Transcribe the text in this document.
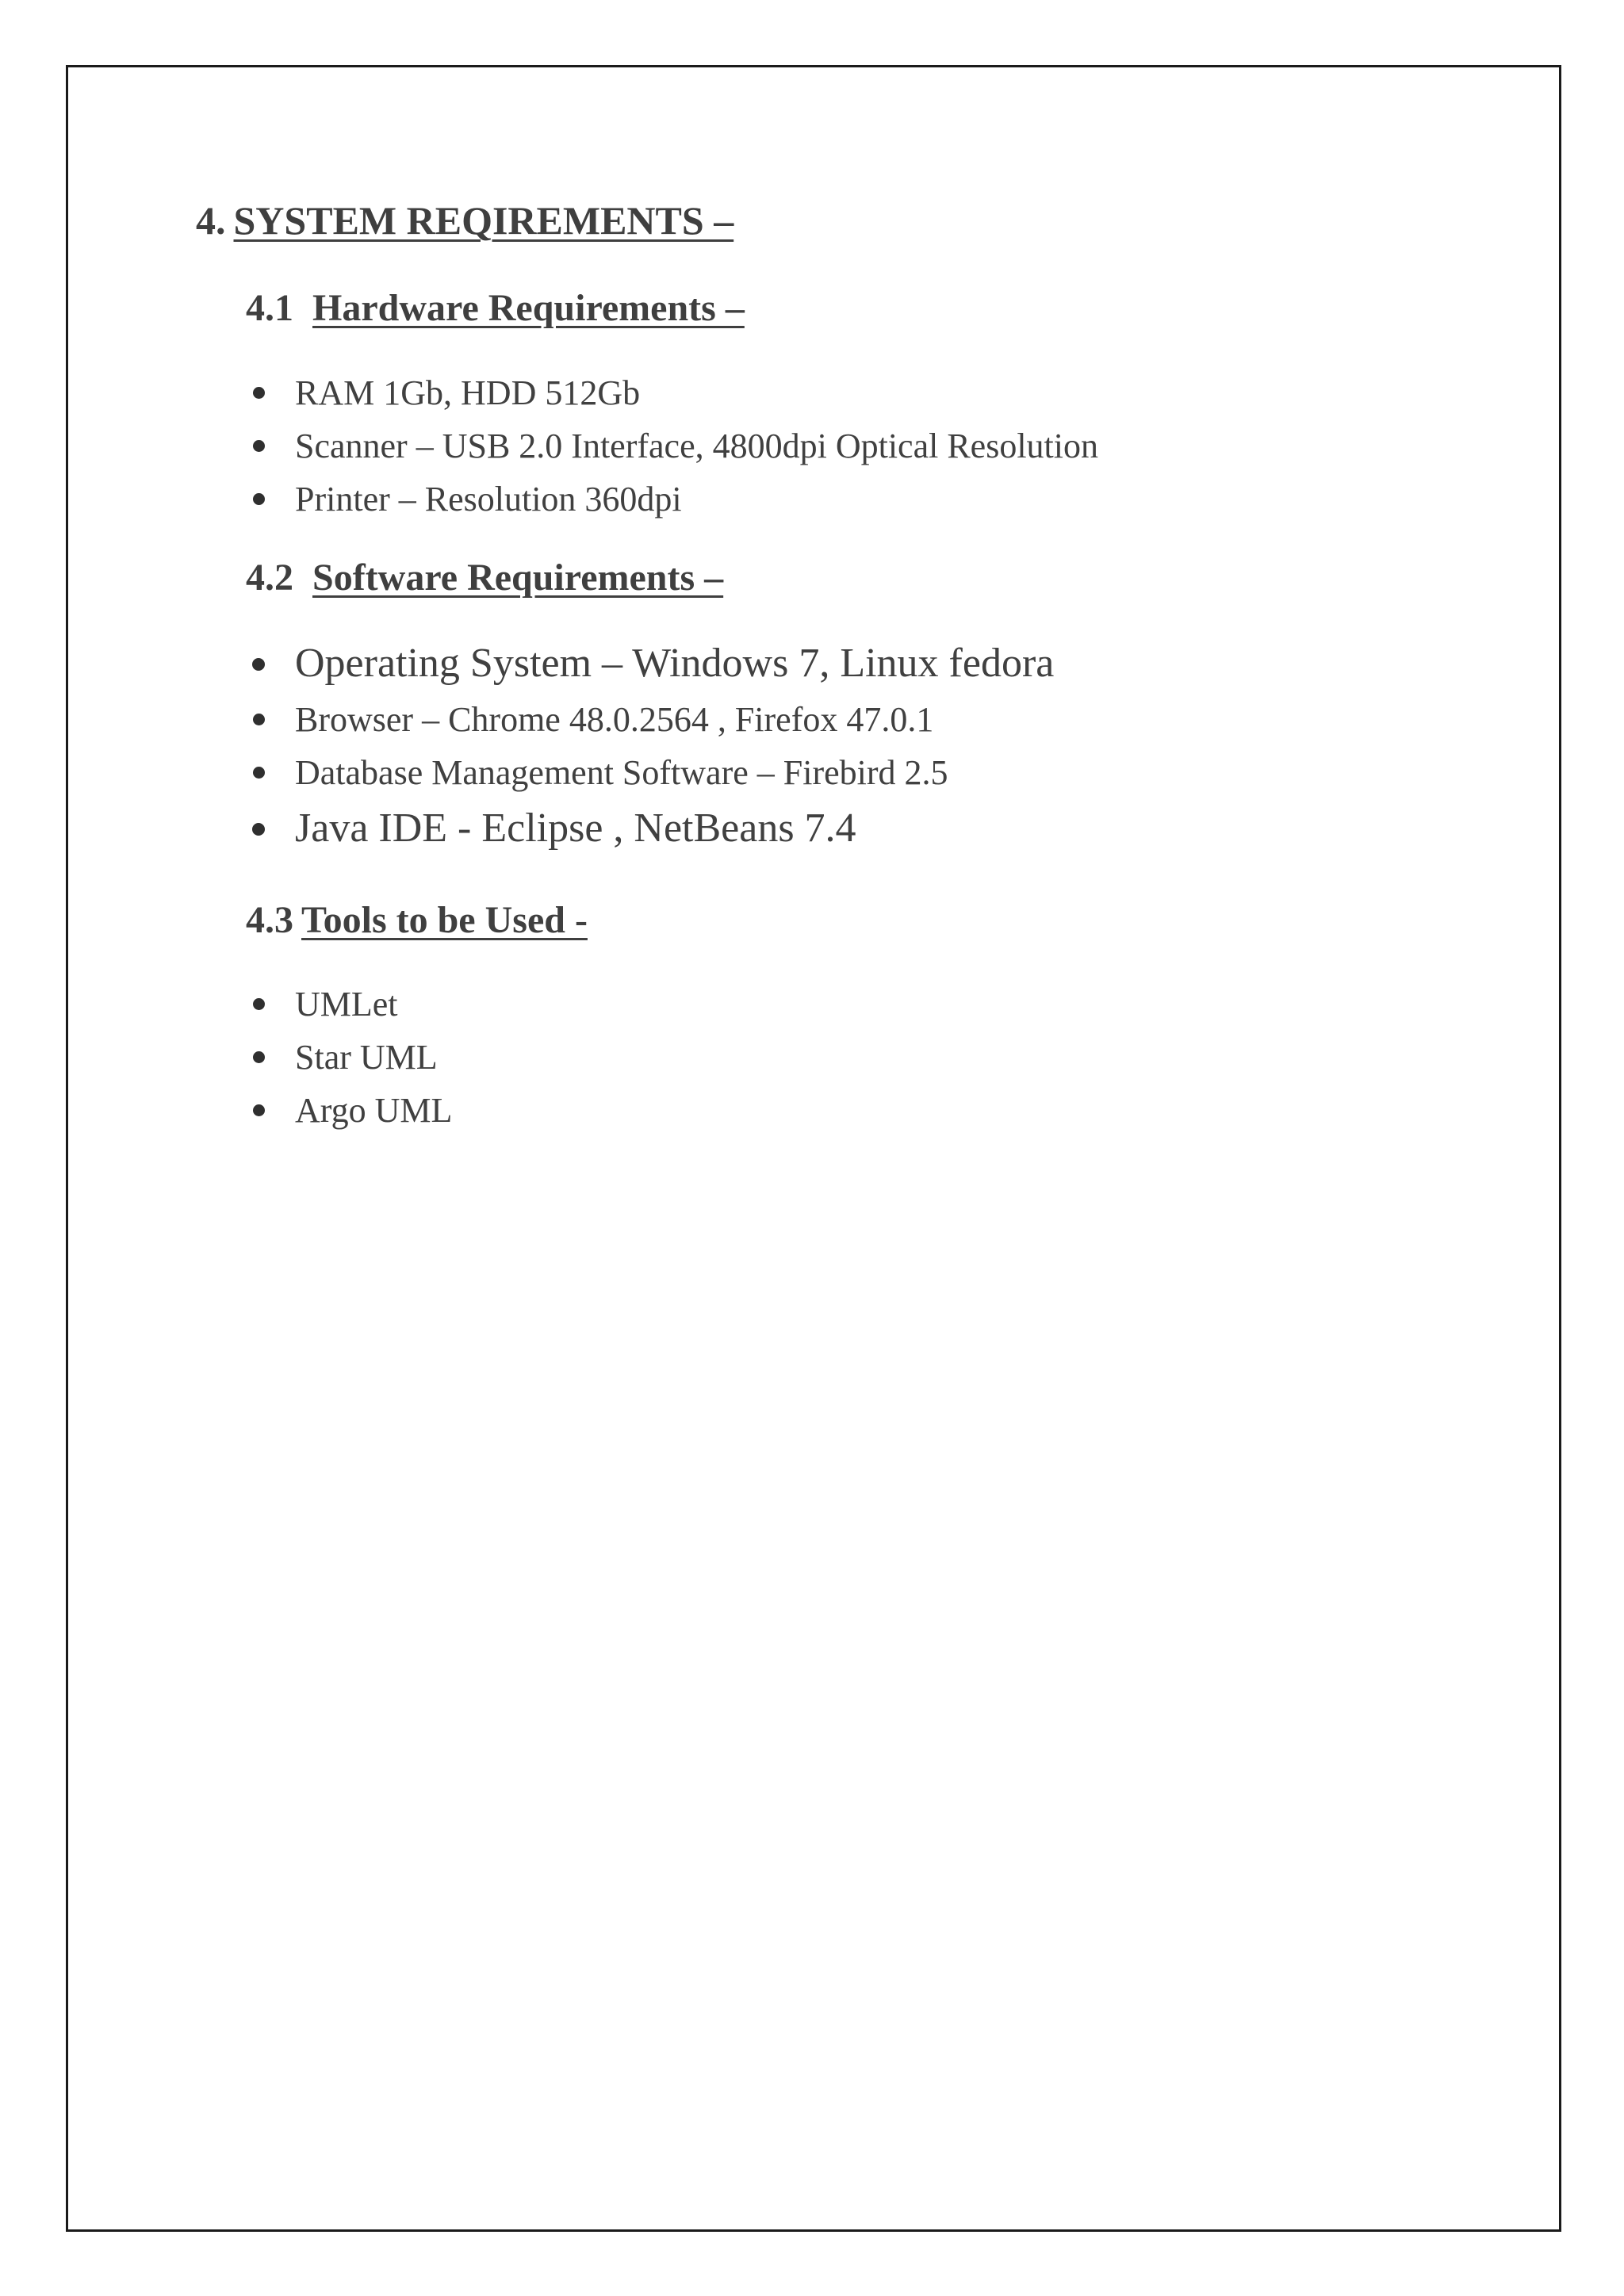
4. SYSTEM REQIREMENTS –
4.1 Hardware Requirements –
RAM 1Gb, HDD 512Gb
Scanner – USB 2.0 Interface, 4800dpi Optical Resolution
Printer – Resolution 360dpi
4.2 Software Requirements –
Operating System – Windows 7, Linux fedora
Browser – Chrome 48.0.2564 , Firefox 47.0.1
Database Management Software – Firebird 2.5
Java IDE - Eclipse , NetBeans 7.4
4.3 Tools to be Used -
UMLet
Star UML
Argo UML
